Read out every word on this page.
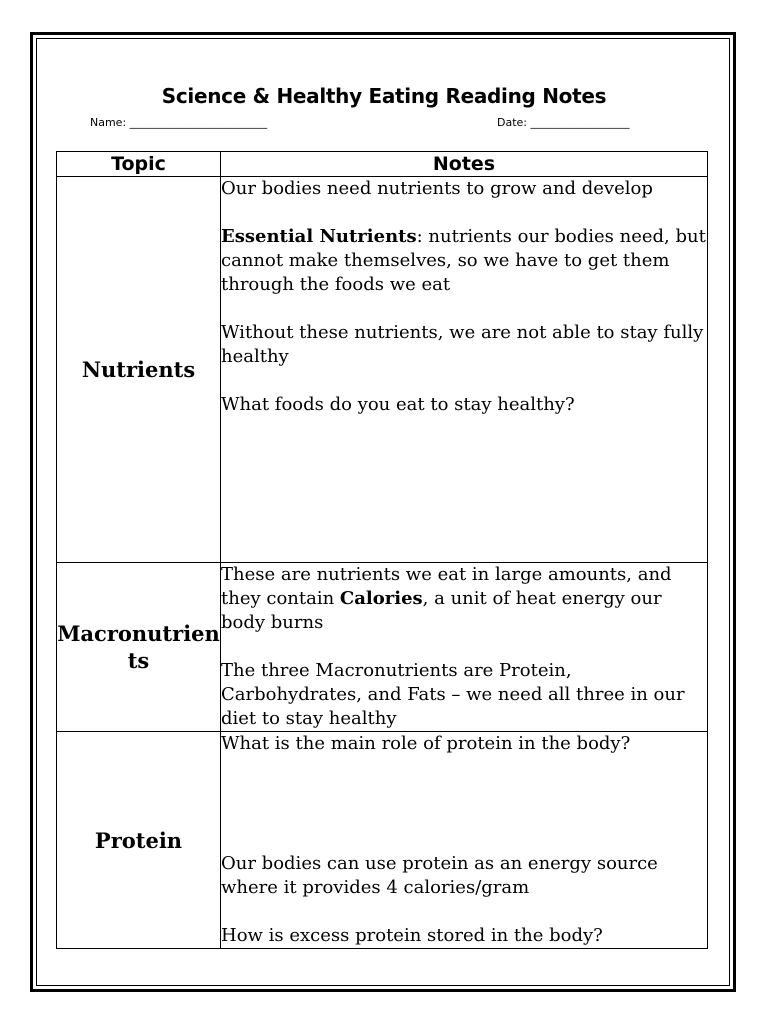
Science & Healthy Eating Reading Notes
Name: _________________________	Date: __________________
Topic	Notes
Nutrients	Our bodies need nutrients to grow and develop

Essential Nutrients: nutrients our bodies need, but cannot make themselves, so we have to get them through the foods we eat

Without these nutrients, we are not able to stay fully healthy

What foods do you eat to stay healthy?

Macronutrients	These are nutrients we eat in large amounts, and they contain Calories, a unit of heat energy our body burns

The three Macronutrients are Protein, Carbohydrates, and Fats – we need all three in our diet to stay healthy

Protein	What is the main role of protein in the body?

Our bodies can use protein as an energy source where it provides 4 calories/gram

How is excess protein stored in the body?
